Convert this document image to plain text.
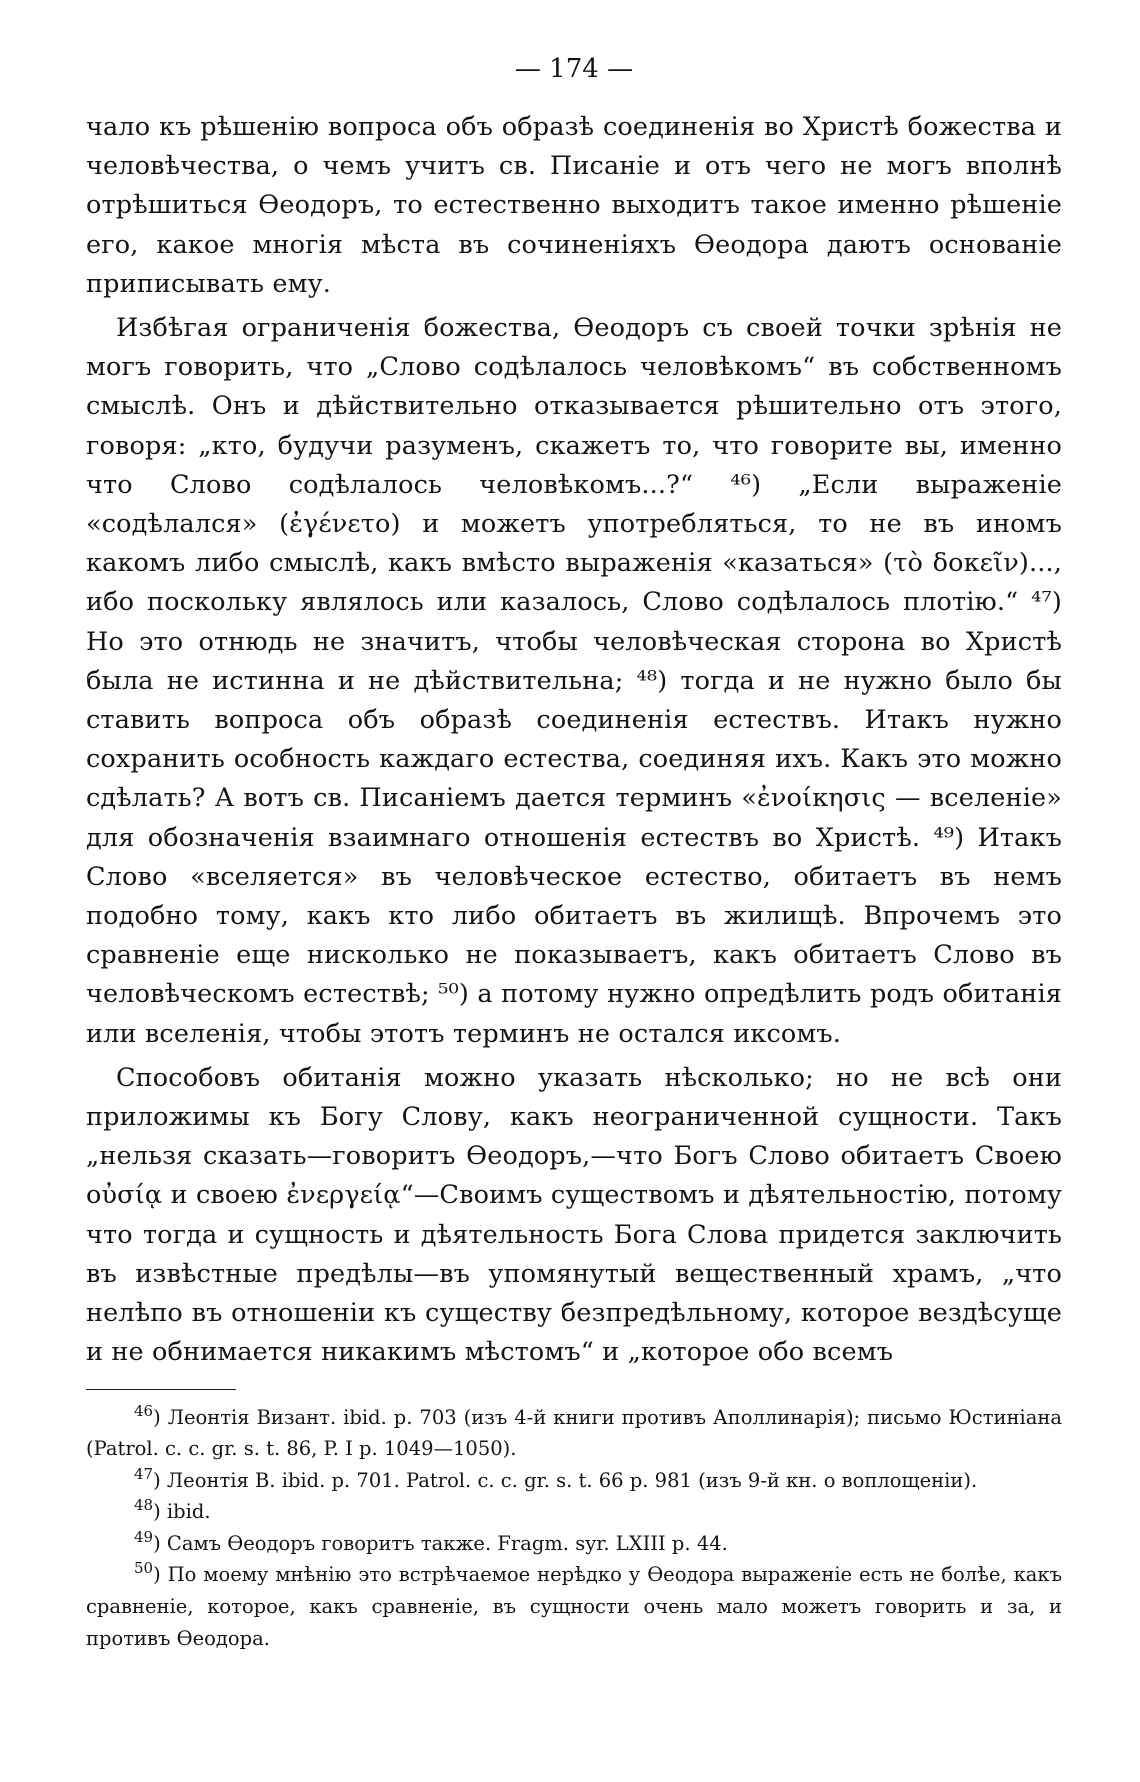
— 174 —

чало къ рѣшенію вопроса объ образѣ соединенія во Христѣ божества и человѣчества, о чемъ учитъ св. Писаніе и отъ чего не могъ вполнѣ отрѣшиться Ѳеодоръ, то естественно выходитъ такое именно рѣшеніе его, какое многія мѣста въ сочиненіяхъ Ѳеодора даютъ основаніе приписывать ему.

Избѣгая ограниченія божества, Ѳеодоръ съ своей точки зрѣнія не могъ говорить, что „Слово содѣлалось человѣкомъ“ въ собственномъ смыслѣ. Онъ и дѣйствительно отказывается рѣшительно отъ этого, говоря: „кто, будучи разуменъ, скажетъ то, что говорите вы, именно что Слово содѣлалось человѣкомъ...?“ ⁴⁶) „Если выраженіе «содѣлался» (ἐγένετο) и можетъ употребляться, то не въ иномъ какомъ либо смыслѣ, какъ вмѣсто выраженія «казаться» (τὸ δοκεῖν)..., ибо поскольку являлось или казалось, Слово содѣлалось плотію.“ ⁴⁷) Но это отнюдь не значитъ, чтобы человѣческая сторона во Христѣ была не истинна и не дѣйствительна; ⁴⁸) тогда и не нужно было бы ставить вопроса объ образѣ соединенія естествъ. Итакъ нужно сохранить особность каждаго естества, соединяя ихъ. Какъ это можно сдѣлать? А вотъ св. Писаніемъ дается терминъ «ἐνοίκησις — вселеніе» для обозначенія взаимнаго отношенія естествъ во Христѣ. ⁴⁹) Итакъ Слово «вселяется» въ человѣческое естество, обитаетъ въ немъ подобно тому, какъ кто либо обитаетъ въ жилищѣ. Впрочемъ это сравненіе еще нисколько не показываетъ, какъ обитаетъ Слово въ человѣческомъ естествѣ; ⁵⁰) а потому нужно опредѣлить родъ обитанія или вселенія, чтобы этотъ терминъ не остался иксомъ.

Способовъ обитанія можно указать нѣсколько; но не всѣ они приложимы къ Богу Слову, какъ неограниченной сущности. Такъ „нельзя сказать—говоритъ Ѳеодоръ,—что Богъ Слово обитаетъ Своею οὐσίᾳ и своею ἐνεργείᾳ“—Своимъ существомъ и дѣятельностію, потому что тогда и сущность и дѣятельность Бога Слова придется заключить въ извѣстные предѣлы—въ упомянутый вещественный храмъ, „что нелѣпо въ отношеніи къ существу безпредѣльному, которое вездѣсуще и не обнимается никакимъ мѣстомъ“ и „которое обо всемъ

$^{46}$) Леонтія Визант. ibid. p. 703 (изъ 4-й книги противъ Аполлинарія); письмо Юстиніана (Patrol. c. c. gr. s. t. 86, P. I p. 1049—1050).

$^{47}$) Леонтія В. ibid. p. 701. Patrol. c. c. gr. s. t. 66 p. 981 (изъ 9-й кн. о воплощеніи).

$^{48}$) ibid.

$^{49}$) Самъ Ѳеодоръ говоритъ также. Fragm. syr. LXIII p. 44.

$^{50}$) По моему мнѣнію это встрѣчаемое нерѣдко у Ѳеодора выраженіе есть не болѣе, какъ сравненіе, которое, какъ сравненіе, въ сущности очень мало можетъ говорить и за, и противъ Ѳеодора.
